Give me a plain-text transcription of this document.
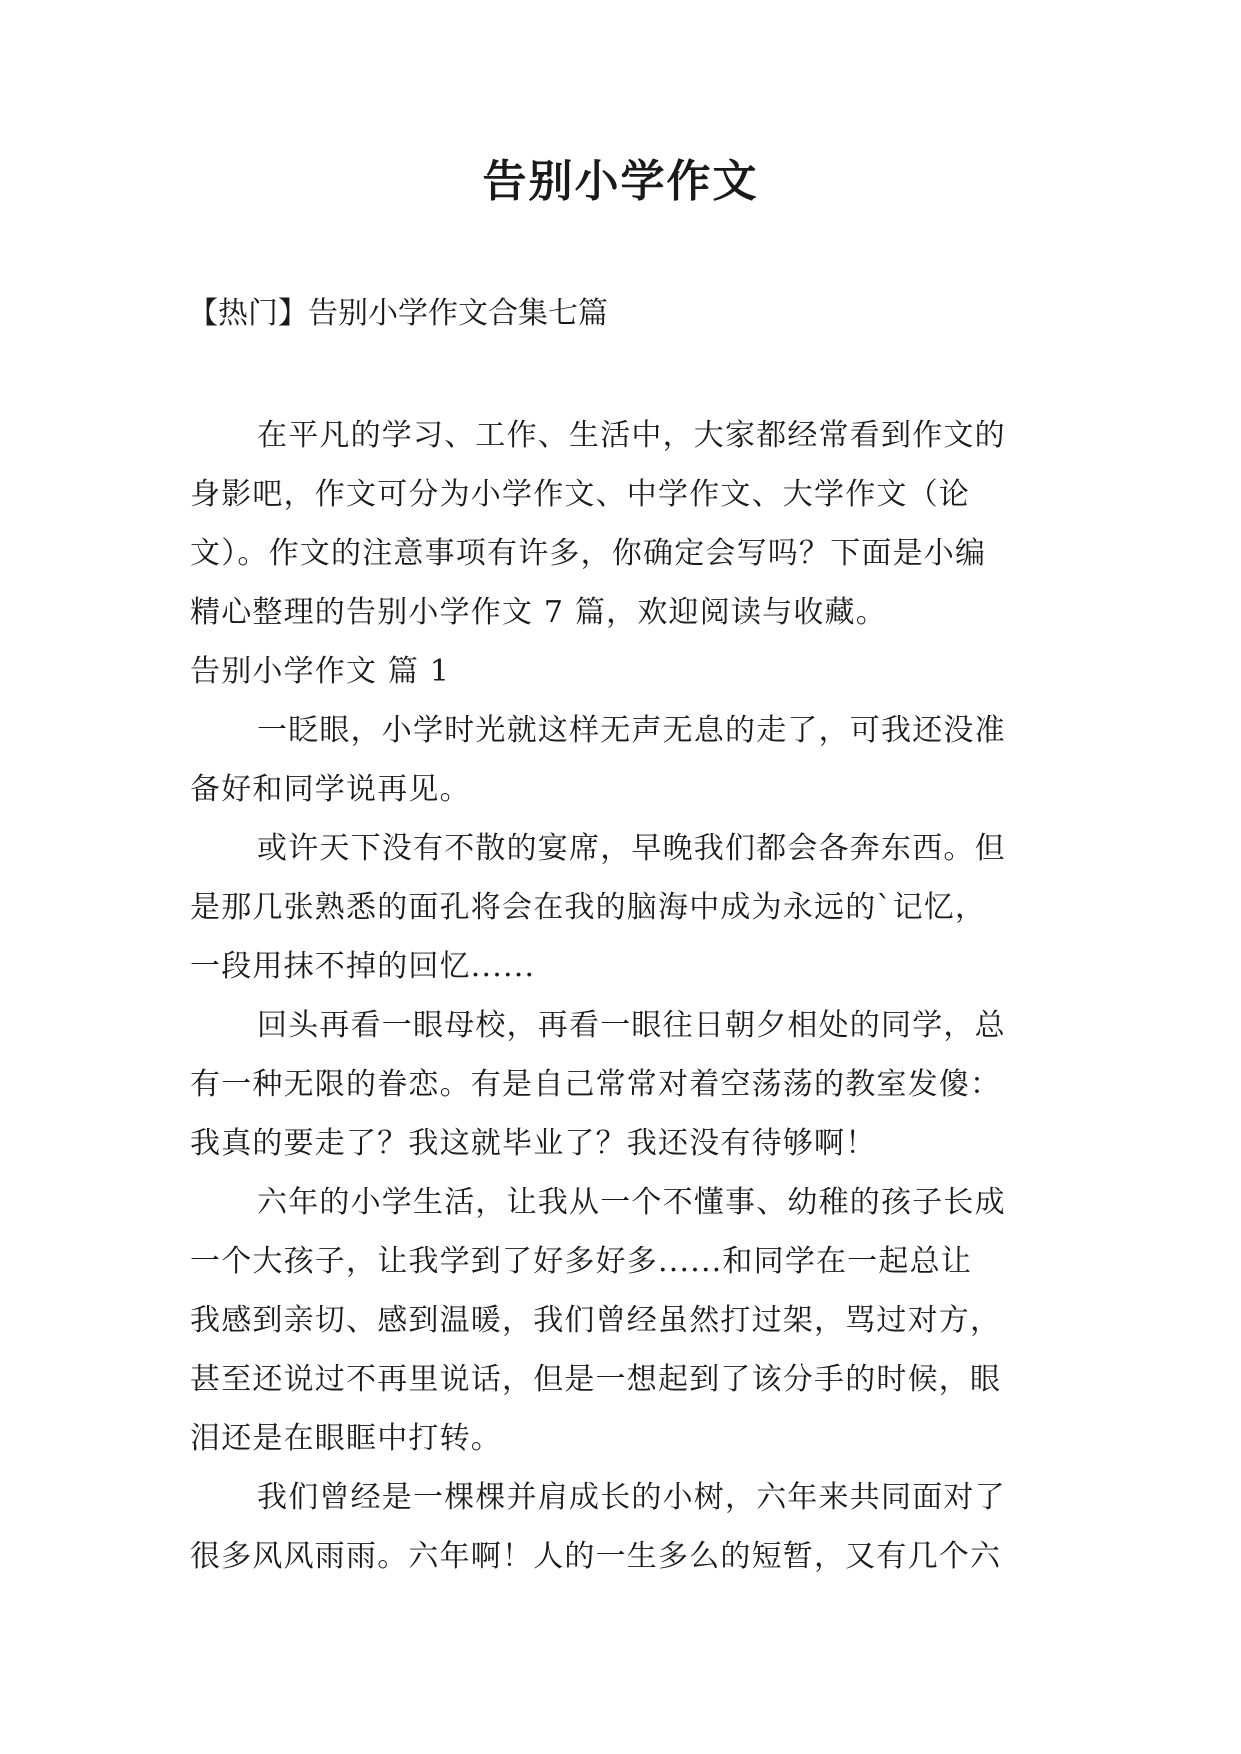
告别小学作文
【热门】告别小学作文合集七篇
在平凡的学习、工作、生活中，大家都经常看到作文的
身影吧，作文可分为小学作文、中学作文、大学作文（论
文）。作文的注意事项有许多，你确定会写吗？下面是小编
精心整理的告别小学作文 7 篇，欢迎阅读与收藏。
告别小学作文 篇 1
一眨眼，小学时光就这样无声无息的走了，可我还没准
备好和同学说再见。
或许天下没有不散的宴席，早晚我们都会各奔东西。但
是那几张熟悉的面孔将会在我的脑海中成为永远的`记忆，
一段用抹不掉的回忆......
回头再看一眼母校，再看一眼往日朝夕相处的同学，总
有一种无限的眷恋。有是自己常常对着空荡荡的教室发傻：
我真的要走了？我这就毕业了？我还没有待够啊！
六年的小学生活，让我从一个不懂事、幼稚的孩子长成
一个大孩子，让我学到了好多好多......和同学在一起总让
我感到亲切、感到温暖，我们曾经虽然打过架，骂过对方，
甚至还说过不再里说话，但是一想起到了该分手的时候，眼
泪还是在眼眶中打转。
我们曾经是一棵棵并肩成长的小树，六年来共同面对了
很多风风雨雨。六年啊！人的一生多么的短暂，又有几个六
